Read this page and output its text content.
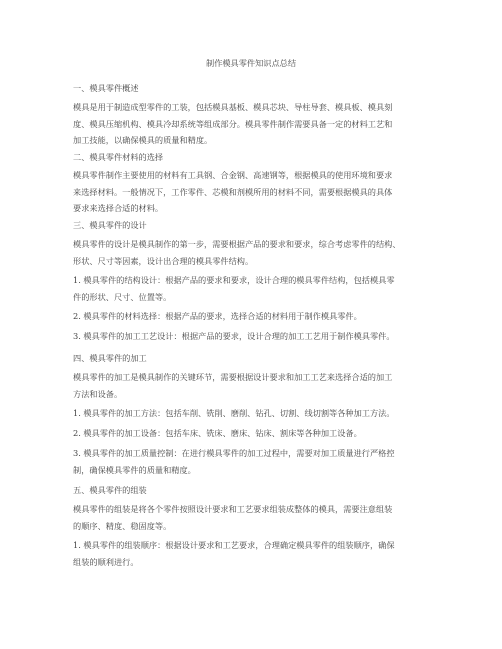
制作模具零件知识点总结
一、模具零件概述
模具是用于制造成型零件的工装，包括模具基板、模具芯块、导柱导套、模具板、模具刻
度、模具压缩机构、模具冷却系统等组成部分。模具零件制作需要具备一定的材料工艺和
加工技能，以确保模具的质量和精度。
二、模具零件材料的选择
模具零件制作主要使用的材料有工具钢、合金钢、高速钢等，根据模具的使用环境和要求
来选择材料。一般情况下，工作零件、芯模和剂模所用的材料不同，需要根据模具的具体
要求来选择合适的材料。
三、模具零件的设计
模具零件的设计是模具制作的第一步，需要根据产品的要求和要求，综合考虑零件的结构、
形状、尺寸等因素，设计出合理的模具零件结构。
1. 模具零件的结构设计：根据产品的要求和要求，设计合理的模具零件结构，包括模具零
件的形状、尺寸、位置等。
2. 模具零件的材料选择：根据产品的要求，选择合适的材料用于制作模具零件。
3. 模具零件的加工工艺设计：根据产品的要求，设计合理的加工工艺用于制作模具零件。
四、模具零件的加工
模具零件的加工是模具制作的关键环节，需要根据设计要求和加工工艺来选择合适的加工
方法和设备。
1. 模具零件的加工方法：包括车削、铣削、磨削、钻孔、切割、线切割等各种加工方法。
2. 模具零件的加工设备：包括车床、铣床、磨床、钻床、割床等各种加工设备。
3. 模具零件的加工质量控制：在进行模具零件的加工过程中，需要对加工质量进行严格控
制，确保模具零件的质量和精度。
五、模具零件的组装
模具零件的组装是将各个零件按照设计要求和工艺要求组装成整体的模具，需要注意组装
的顺序、精度、稳固度等。
1. 模具零件的组装顺序：根据设计要求和工艺要求，合理确定模具零件的组装顺序，确保
组装的顺利进行。
